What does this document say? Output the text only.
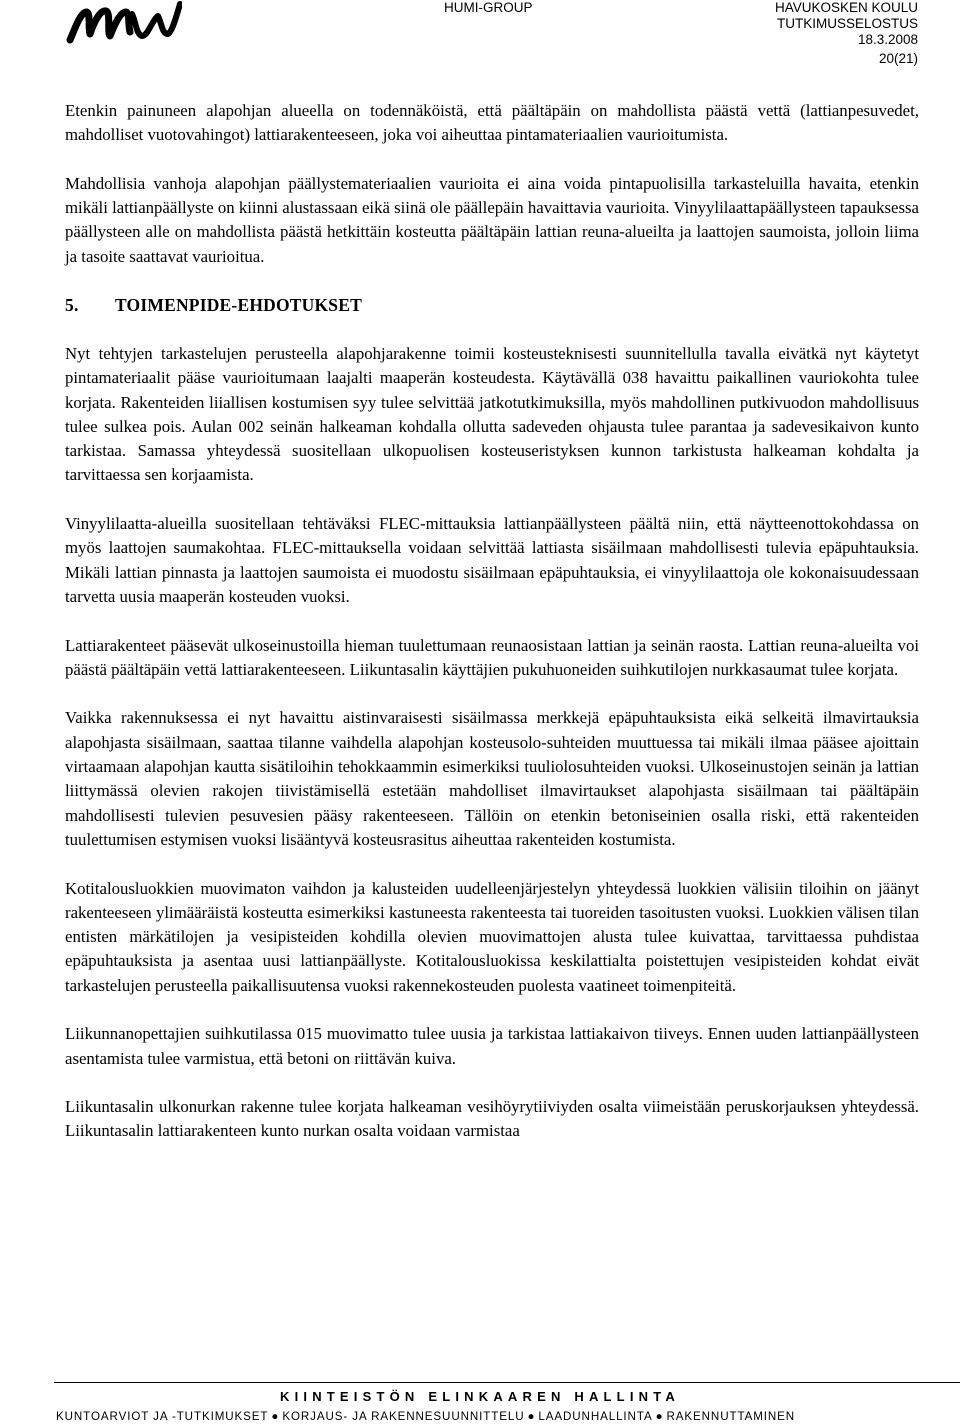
HUMI-GROUP	HAVUKOSKEN KOULU
TUTKIMUSSELOSTUS
18.3.2008
20(21)

Etenkin painuneen alapohjan alueella on todennäköistä, että päältäpäin on mahdollista päästä vettä (lattianpesuvedet, mahdolliset vuotovahingot) lattiarakenteeseen, joka voi aiheuttaa pintamateriaalien vaurioitumista.

Mahdollisia vanhoja alapohjan päällystemateriaalien vaurioita ei aina voida pintapuolisilla tarkasteluilla havaita, etenkin mikäli lattianpäällyste on kiinni alustassaan eikä siinä ole päällepäin havaittavia vaurioita. Vinyylilaattapäällysteen tapauksessa päällysteen alle on mahdollista päästä hetkittäin kosteutta päältäpäin lattian reuna-alueilta ja laattojen saumoista, jolloin liima ja tasoite saattavat vaurioitua.

5. TOIMENPIDE-EHDOTUKSET

Nyt tehtyjen tarkastelujen perusteella alapohjarakenne toimii kosteusteknisesti suunnitellulla tavalla eivätkä nyt käytetyt pintamateriaalit pääse vaurioitumaan laajalti maaperän kosteudesta. Käytävällä 038 havaittu paikallinen vauriokohta tulee korjata. Rakenteiden liiallisen kostumisen syy tulee selvittää jatkotutkimuksilla, myös mahdollinen putkivuodon mahdollisuus tulee sulkea pois. Aulan 002 seinän halkeaman kohdalla ollutta sadeveden ohjausta tulee parantaa ja sadevesikaivon kunto tarkistaa. Samassa yhteydessä suositellaan ulkopuolisen kosteuseristyksen kunnon tarkistusta halkeaman kohdalta ja tarvittaessa sen korjaamista.

Vinyylilaatta-alueilla suositellaan tehtäväksi FLEC-mittauksia lattianpäällysteen päältä niin, että näytteenottokohdassa on myös laattojen saumakohtaa. FLEC-mittauksella voidaan selvittää lattiasta sisäilmaan mahdollisesti tulevia epäpuhtauksia. Mikäli lattian pinnasta ja laattojen saumoista ei muodostu sisäilmaan epäpuhtauksia, ei vinyylilaattoja ole kokonaisuudessaan tarvetta uusia maaperän kosteuden vuoksi.

Lattiarakenteet pääsevät ulkoseinustoilla hieman tuulettumaan reunaosistaan lattian ja seinän raosta. Lattian reuna-alueilta voi päästä päältäpäin vettä lattiarakenteeseen. Liikuntasalin käyttäjien pukuhuoneiden suihkutilojen nurkkasaumat tulee korjata.

Vaikka rakennuksessa ei nyt havaittu aistinvaraisesti sisäilmassa merkkejä epäpuhtauksista eikä selkeitä ilmavirtauksia alapohjasta sisäilmaan, saattaa tilanne vaihdella alapohjan kosteusolo-suhteiden muuttuessa tai mikäli ilmaa pääsee ajoittain virtaamaan alapohjan kautta sisätiloihin tehokkaammin esimerkiksi tuuliolosuhteiden vuoksi. Ulkoseinustojen seinän ja lattian liittymässä olevien rakojen tiivistämisellä estetään mahdolliset ilmavirtaukset alapohjasta sisäilmaan tai päältäpäin mahdollisesti tulevien pesuvesien pääsy rakenteeseen. Tällöin on etenkin betoniseinien osalla riski, että rakenteiden tuulettumisen estymisen vuoksi lisääntyvä kosteusrasitus aiheuttaa rakenteiden kostumista.

Kotitalousluokkien muovimaton vaihdon ja kalusteiden uudelleenjärjestelyn yhteydessä luokkien välisiin tiloihin on jäänyt rakenteeseen ylimääräistä kosteutta esimerkiksi kastuneesta rakenteesta tai tuoreiden tasoitusten vuoksi. Luokkien välisen tilan entisten märkätilojen ja vesipisteiden kohdilla olevien muovimattojen alusta tulee kuivattaa, tarvittaessa puhdistaa epäpuhtauksista ja asentaa uusi lattianpäällyste. Kotitalousluokissa keskilattialta poistettujen vesipisteiden kohdat eivät tarkastelujen perusteella paikallisuutensa vuoksi rakennekosteuden puolesta vaatineet toimenpiteitä.

Liikunnanopettajien suihkutilassa 015 muovimatto tulee uusia ja tarkistaa lattiakaivon tiiveys. Ennen uuden lattianpäällysteen asentamista tulee varmistua, että betoni on riittävän kuiva.

Liikuntasalin ulkonurkan rakenne tulee korjata halkeaman vesihöyrytiiviyden osalta viimeistään peruskorjauksen yhteydessä. Liikuntasalin lattiarakenteen kunto nurkan osalta voidaan varmistaa

KIINTEISTÖN ELINKAAREN HALLINTA
KUNTOARVIOT JA -TUTKIMUKSET ● KORJAUS- JA RAKENNESUUNNITTELU ● LAADUNHALLINTA ● RAKENNUTTAMINEN
